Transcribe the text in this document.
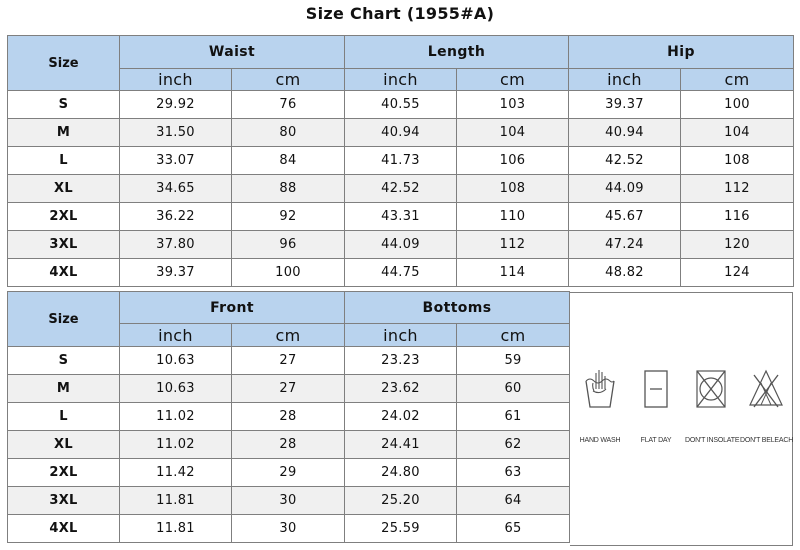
Size Chart (1955#A)
Size	Waist		Length		Hip	
	inch	cm	inch	cm	inch	cm
S	29.92	76	40.55	103	39.37	100
M	31.50	80	40.94	104	40.94	104
L	33.07	84	41.73	106	42.52	108
XL	34.65	88	42.52	108	44.09	112
2XL	36.22	92	43.31	110	45.67	116
3XL	37.80	96	44.09	112	47.24	120
4XL	39.37	100	44.75	114	48.82	124
Size	Front		Bottoms	
	inch	cm	inch	cm
S	10.63	27	23.23	59
M	10.63	27	23.62	60
L	11.02	28	24.02	61
XL	11.02	28	24.41	62
2XL	11.42	29	24.80	63
3XL	11.81	30	25.20	64
4XL	11.81	30	25.59	65
HAND WASH	FLAT DAY	DON'T INSOLATE DON'T BELEACH
